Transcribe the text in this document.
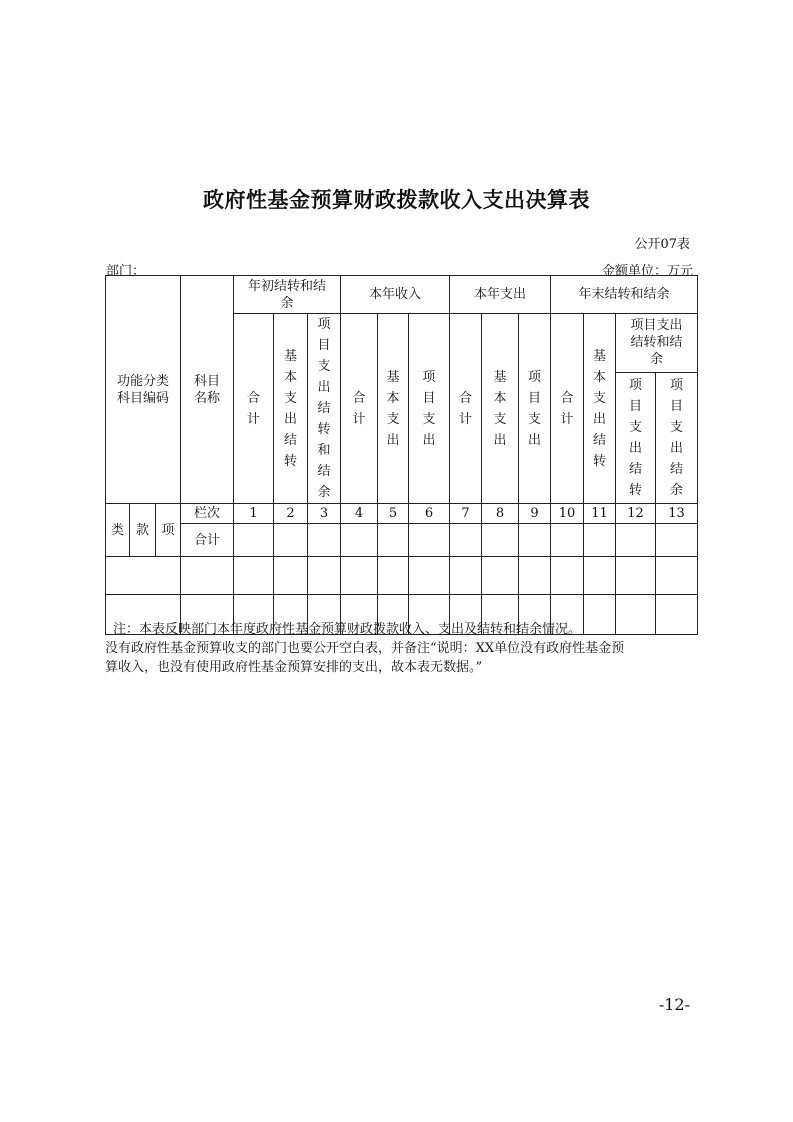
政府性基金预算财政拨款收入支出决算表
公开07表
部门：	金额单位：万元
功能分类科目编码			科目名称	年初结转和结余			本年收入			本年支出			年末结转和结余			
				合计	基本支出结转	项目支出结转和结余	合计	基本支出	项目支出	合计	基本支出	项目支出	合计	基本支出结转	项目支出结转和结余	
															项目支出结转	项目支出结余
类	款	项	栏次	1	2	3	4	5	6	7	8	9	10	11	12	13
			合计													

注：本表反映部门本年度政府性基金预算财政拨款收入、支出及结转和结余情况。
没有政府性基金预算收支的部门也要公开空白表，并备注“说明：XX单位没有政府性基金预
算收入，也没有使用政府性基金预算安排的支出，故本表无数据。”
-12-
